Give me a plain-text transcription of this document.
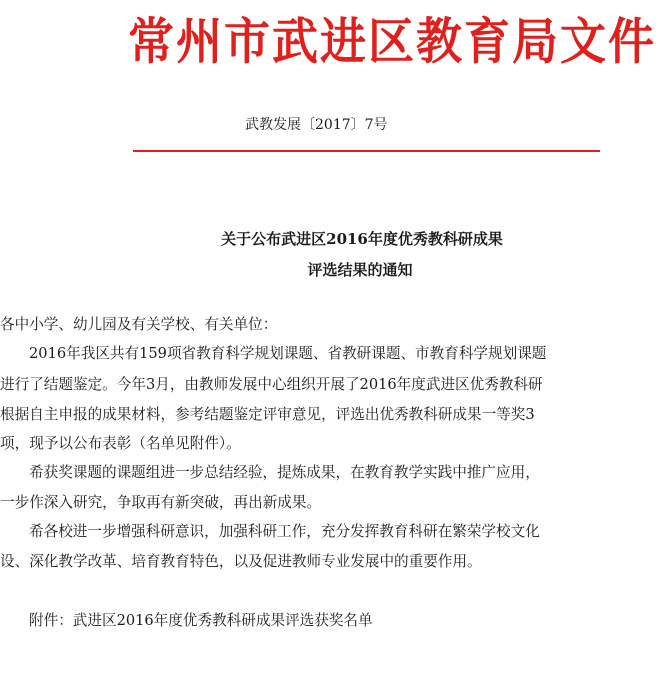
常州市武进区教育局文件
武教发展〔2017〕7号
关于公布武进区2016年度优秀教科研成果
评选结果的通知
各中小学、幼儿园及有关学校、有关单位：
2016年我区共有159项省教育科学规划课题、省教研课题、市教育科学规划课题
进行了结题鉴定。今年3月，由教师发展中心组织开展了2016年度武进区优秀教科研
根据自主申报的成果材料，参考结题鉴定评审意见，评选出优秀教科研成果一等奖3
项，现予以公布表彰（名单见附件）。
希获奖课题的课题组进一步总结经验，提炼成果，在教育教学实践中推广应用，
一步作深入研究，争取再有新突破，再出新成果。
希各校进一步增强科研意识，加强科研工作，充分发挥教育科研在繁荣学校文化
设、深化教学改革、培育教育特色，以及促进教师专业发展中的重要作用。
附件：武进区2016年度优秀教科研成果评选获奖名单
